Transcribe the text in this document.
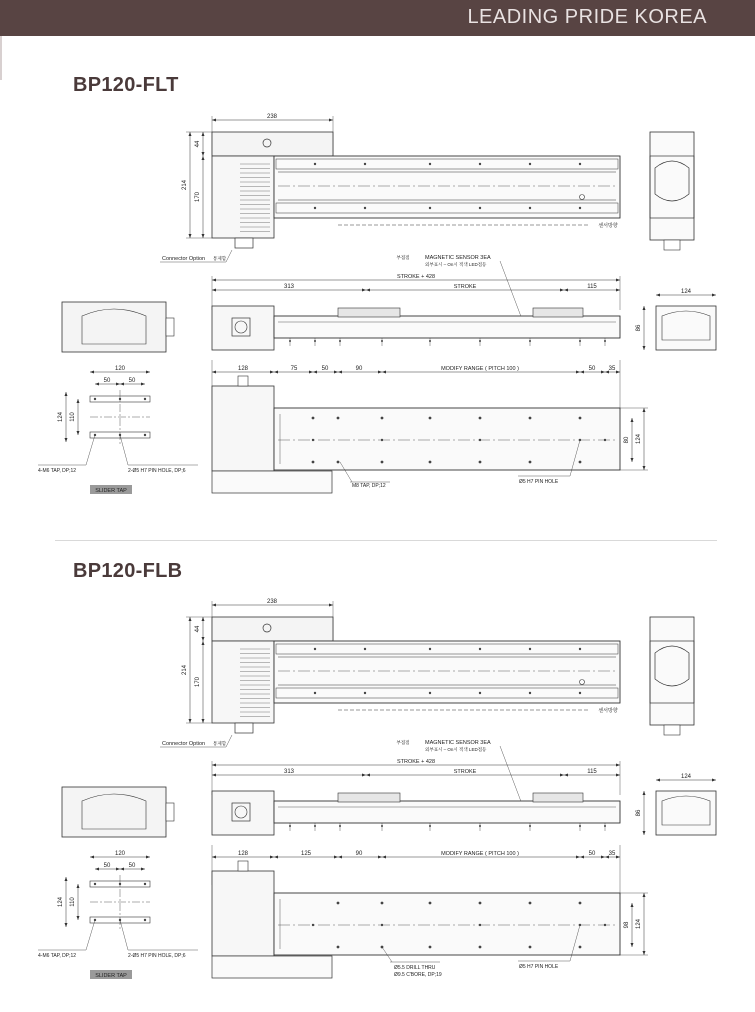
LEADING PRIDE KOREA
BP120-FLT
BP120-FLB
238
44
170
214
센서방향
Connector Option 통제함	MAGNETIC SENSOR 3EA
부접점
외부표시 – On시 적색 LED점등
STROKE + 428
313	STROKE	115
124
86
128	75	50	90	MODIFY RANGE ( PITCH 100 )	50 35
80 124
M8 TAP, DP;12
Ø5 H7 PIN HOLE
120
50	50
124 110
4-M6 TAP, DP;12	2-Ø5 H7 PIN HOLE, DP;6
SLIDER TAP
238
44
170
214
센서방향
Connector Option 통제함	MAGNETIC SENSOR 3EA
부접점
외부표시 – On시 적색 LED점등
STROKE + 428
313	STROKE	115
124
86
128	125	90	MODIFY RANGE ( PITCH 100 )	50 35
98 124
Ø5.5 DRILL THRU
Ø9.5 C'BORE, DP;19
Ø5 H7 PIN HOLE
120
50	50
124 110
4-M6 TAP, DP;12	2-Ø5 H7 PIN HOLE, DP;6
SLIDER TAP
